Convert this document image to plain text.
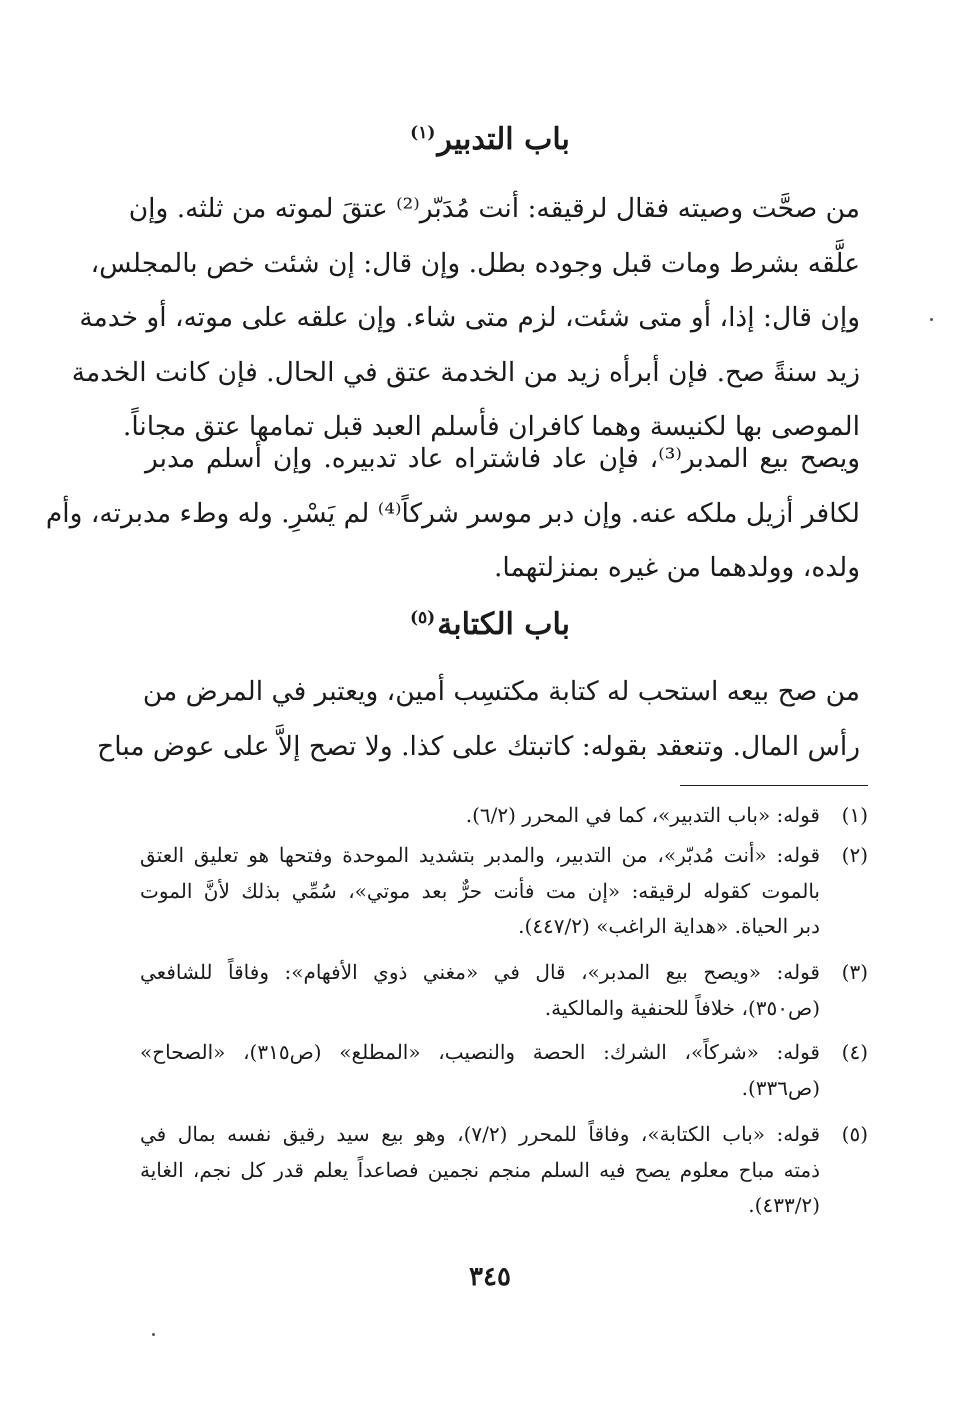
باب التدبير$^{(١)}$
من صحَّت وصيته فقال لرقيقه: أنت مُدَبّر⁽²⁾ عتقَ لموته من ثلثه. وإن
علَّقه بشرط ومات قبل وجوده بطل. وإن قال: إن شئت خص بالمجلس،
وإن قال: إذا، أو متى شئت، لزم متى شاء. وإن علقه على موته، أو خدمة
زيد سنةً صح. فإن أبرأه زيد من الخدمة عتق في الحال. فإن كانت الخدمة
الموصى بها لكنيسة وهما كافران فأسلم العبد قبل تمامها عتق مجاناً.
ويصح بيع المدبر⁽³⁾، فإن عاد فاشتراه عاد تدبيره. وإن أسلم مدبر
لكافر أزيل ملكه عنه. وإن دبر موسر شركاً⁽⁴⁾ لم يَسْرِ. وله وطء مدبرته، وأم
ولده، وولدهما من غيره بمنزلتهما.
باب الكتابة$^{(٥)}$
من صح بيعه استحب له كتابة مكتسِب أمين، ويعتبر في المرض من
رأس المال. وتنعقد بقوله: كاتبتك على كذا. ولا تصح إلاَّ على عوض مباح
(١)
قوله: «باب التدبير»، كما في المحرر (٦/٢).
(٢)
قوله: «أنت مُدبّر»، من التدبير، والمدبر بتشديد الموحدة وفتحها هو تعليق العتق
بالموت كقوله لرقيقه: «إن مت فأنت حرٌّ بعد موتي»، سُمِّي بذلك لأنَّ الموت
دبر الحياة. «هداية الراغب» (٤٤٧/٢).
(٣)
قوله: «ويصح بيع المدبر»، قال في «مغني ذوي الأفهام»: وفاقاً للشافعي
(ص٣٥٠)، خلافاً للحنفية والمالكية.
(٤)
قوله: «شركاً»، الشرك: الحصة والنصيب، «المطلع» (ص٣١٥)، «الصحاح»
(ص٣٣٦).
(٥)
قوله: «باب الكتابة»، وفاقاً للمحرر (٧/٢)، وهو بيع سيد رقيق نفسه بمال في
ذمته مباح معلوم يصح فيه السلم منجم نجمين فصاعداً يعلم قدر كل نجم، الغاية
(٤٣٣/٢).
٣٤٥
